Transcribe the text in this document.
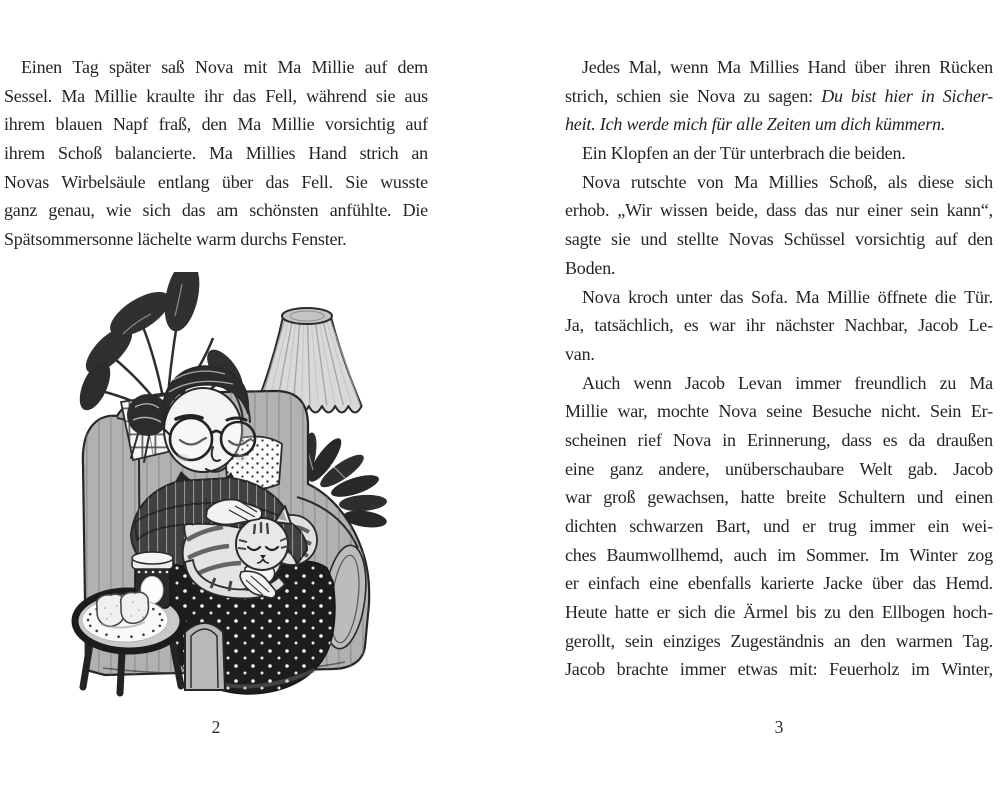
Einen Tag später saß Nova mit Ma Millie auf dem
Sessel. Ma Millie kraulte ihr das Fell, während sie aus
ihrem blauen Napf fraß, den Ma Millie vorsichtig auf
ihrem Schoß balancierte. Ma Millies Hand strich an
Novas Wirbelsäule entlang über das Fell. Sie wusste
ganz genau, wie sich das am schönsten anfühlte. Die
Spätsommersonne lächelte warm durchs Fenster.
Jedes Mal, wenn Ma Millies Hand über ihren Rücken
strich, schien sie Nova zu sagen: Du bist hier in Sicher-
heit. Ich werde mich für alle Zeiten um dich kümmern.
Ein Klopfen an der Tür unterbrach die beiden.
Nova rutschte von Ma Millies Schoß, als diese sich
erhob. „Wir wissen beide, dass das nur einer sein kann“,
sagte sie und stellte Novas Schüssel vorsichtig auf den
Boden.
Nova kroch unter das Sofa. Ma Millie öffnete die Tür.
Ja, tatsächlich, es war ihr nächster Nachbar, Jacob Le-
van.
Auch wenn Jacob Levan immer freundlich zu Ma
Millie war, mochte Nova seine Besuche nicht. Sein Er-
scheinen rief Nova in Erinnerung, dass es da draußen
eine ganz andere, unüberschaubare Welt gab. Jacob
war groß gewachsen, hatte breite Schultern und einen
dichten schwarzen Bart, und er trug immer ein wei-
ches Baumwollhemd, auch im Sommer. Im Winter zog
er einfach eine ebenfalls karierte Jacke über das Hemd.
Heute hatte er sich die Ärmel bis zu den Ellbogen hoch-
gerollt, sein einziges Zugeständnis an den warmen Tag.
Jacob brachte immer etwas mit: Feuerholz im Winter,
2	3
